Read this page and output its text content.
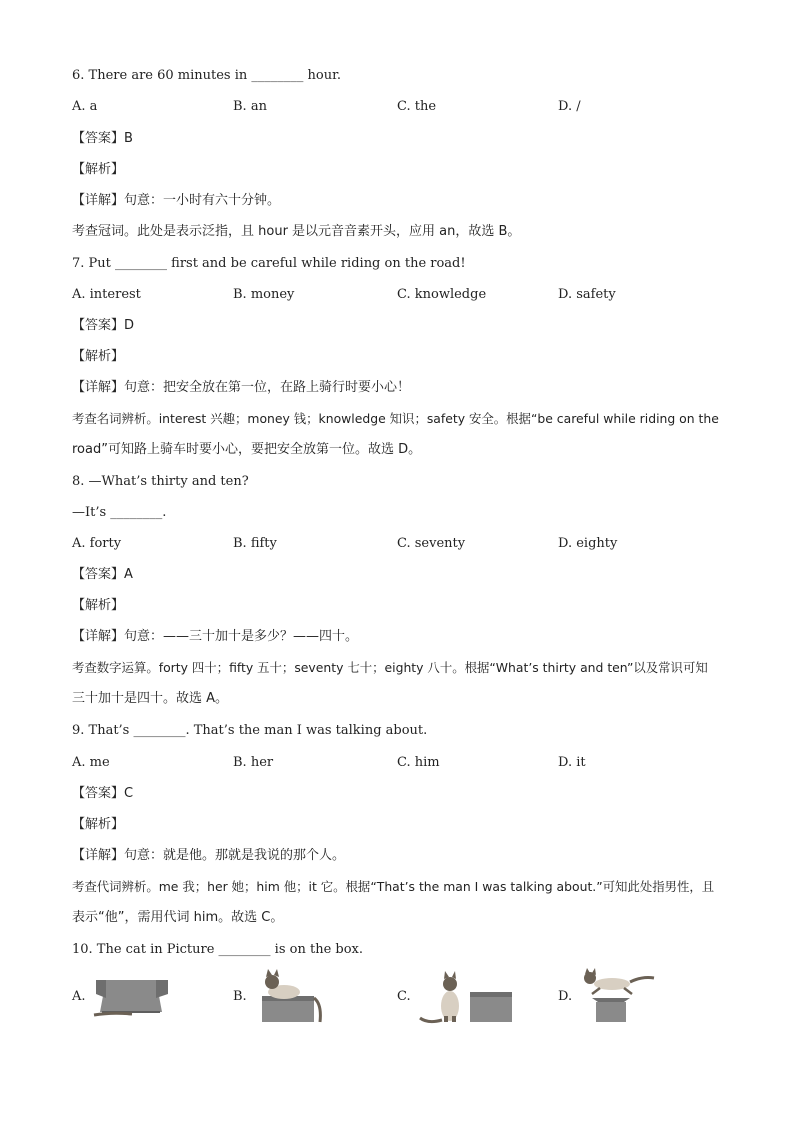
6. There are 60 minutes in ________ hour.
A. a	B. an	C. the	D. /
【答案】B
【解析】
【详解】句意：一小时有六十分钟。
考查冠词。此处是表示泛指，且 hour 是以元音音素开头，应用 an，故选 B。
7. Put ________ first and be careful while riding on the road!
A. interest	B. money	C. knowledge	D. safety
【答案】D
【解析】
【详解】句意：把安全放在第一位，在路上骑行时要小心！
考查名词辨析。interest 兴趣；money 钱；knowledge 知识；safety 安全。根据“be careful while riding on the
road”可知路上骑车时要小心，要把安全放第一位。故选 D。
8. —What’s thirty and ten?
—It’s ________.
A. forty	B. fifty	C. seventy	D. eighty
【答案】A
【解析】
【详解】句意：——三十加十是多少？——四十。
考查数字运算。forty 四十；fifty 五十；seventy 七十；eighty 八十。根据“What’s thirty and ten”以及常识可知
三十加十是四十。故选 A。
9. That’s ________. That’s the man I was talking about.
A. me	B. her	C. him	D. it
【答案】C
【解析】
【详解】句意：就是他。那就是我说的那个人。
考查代词辨析。me 我；her 她；him 他；it 它。根据“That’s the man I was talking about.”可知此处指男性，且
表示“他”，需用代词 him。故选 C。
10. The cat in Picture ________ is on the box.
A.	B.	C.	D.
